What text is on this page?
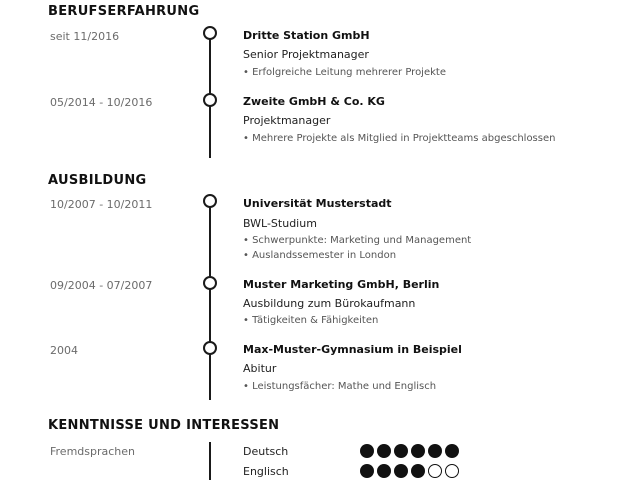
BERUFSERFAHRUNG
seit 11/2016	Dritte Station GmbH
Senior Projektmanager
• Erfolgreiche Leitung mehrerer Projekte
05/2014 - 10/2016	Zweite GmbH & Co. KG
Projektmanager
• Mehrere Projekte als Mitglied in Projektteams abgeschlossen
AUSBILDUNG
10/2007 - 10/2011	Universität Musterstadt
BWL-Studium
• Schwerpunkte: Marketing und Management
• Auslandssemester in London
09/2004 - 07/2007	Muster Marketing GmbH, Berlin
Ausbildung zum Bürokaufmann
• Tätigkeiten & Fähigkeiten
2004	Max-Muster-Gymnasium in Beispiel
Abitur
• Leistungsfächer: Mathe und Englisch
KENNTNISSE UND INTERESSEN
Fremdsprachen	Deutsch
Englisch
